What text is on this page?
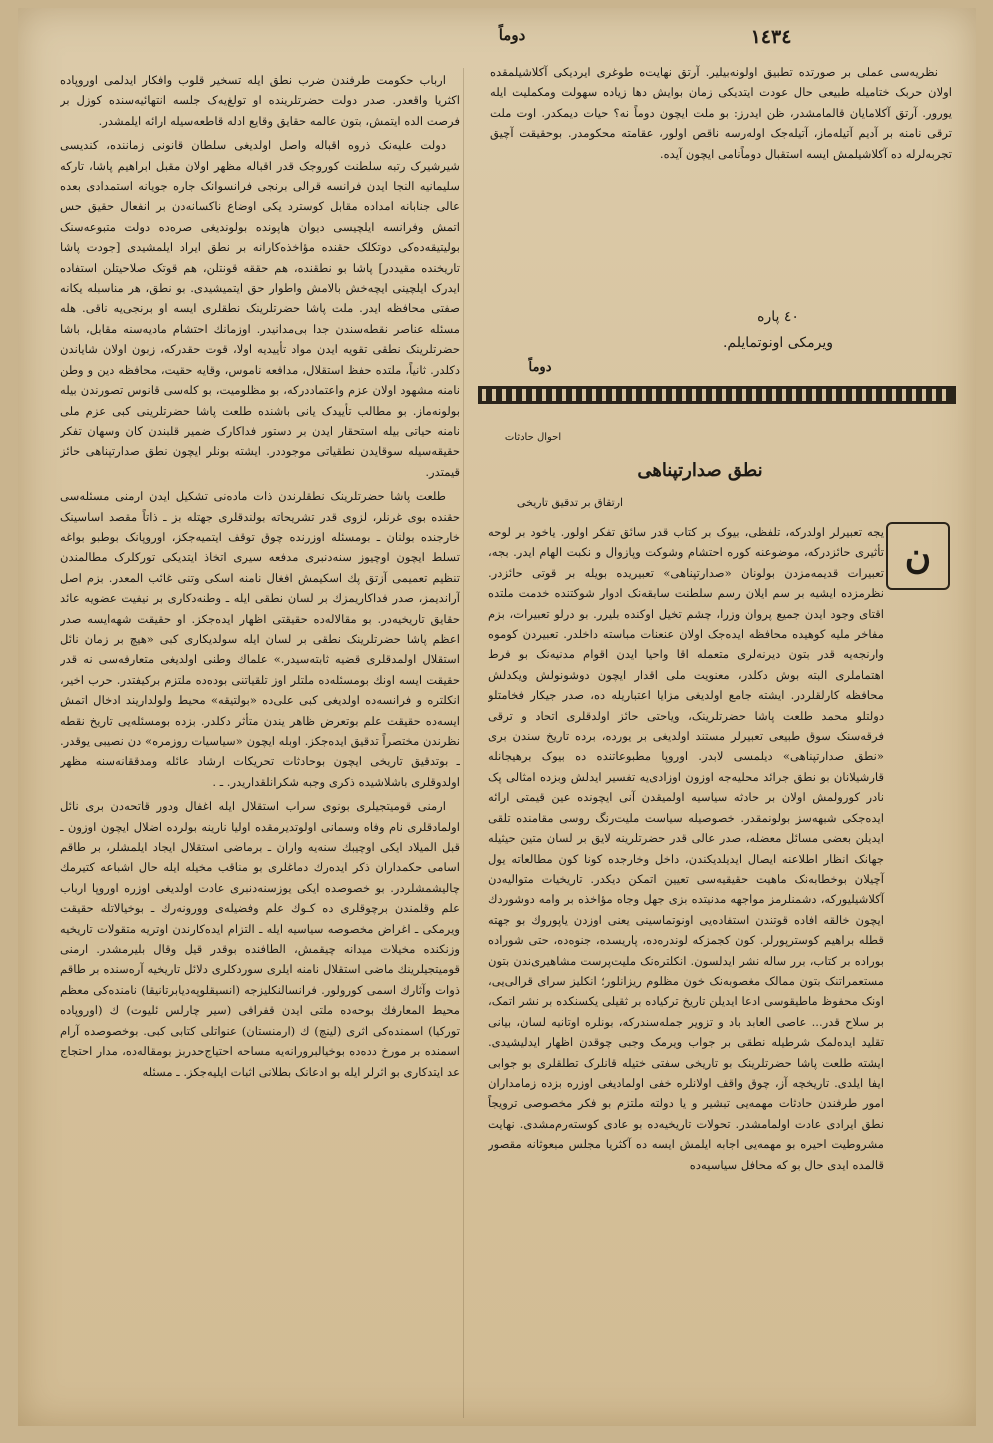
١٤٣٤
دوماً

نظریه‌سی عملی بر صورتده تطبیق اولونه‌بیلیر. آرتق نهایت‌ه طوغری ایردیکی آکلاشیلمقده اولان حربک ختامیله طبیعی حال عودت ایتدیکی زمان بوایش دها زیاده سهولت ومکملیت ایله یورور. آرتق آکلامایان قالمامشدر، ظن ایدرز: بو ملت ایچون دوماً نه؟ حیات دیمکدر. اوت ملت ترقی نامنه بر آدیم آتیله‌ماز، آتیله‌جک اوله‌رسه ناقص اولور، عقامته محکومدر. بوحقیقت آچیق تجربه‌لرله ده آکلاشیلمش ایسه استقبال دوماً‌نامی ایچون آیده.

٤٠ پاره
ویرمکی اونوتمایلم.
دوماً
احوال حادثات
نطق صدارتپناهی
ارتقاق بر تدقیق تاریخی
ن

یجه تعبیرلر اولدرکه، تلفظی، بیوک بر کتاب قدر سائق تفکر اولور. یاخود بر لوحه تأثیری حائزدرکه، موضوعنه کوره احتشام وشوکت وپازوال و نکبت الهام ایدر. بجه، تعبیرات قدیمه‌مزدن بولونان «صدارتپناهی» تعبیریده بویله بر قوتی حائزدر. نظرمزده ایشیه بر سم ایلان رسم سلطنت سابقه‌نک ادوار شوکتنده خدمت ملتده اقتای وجود ایدن جمیع پروان وزرا، چشم تخیل اوکنده بلیرر. بو درلو تعبیرات، بزم مفاخر ملیه کوهیده محافظه ایده‌جک اولان عنعنات مباسته داخلدر. تعبیردن کوموه وارنجه‌یه قدر بتون دیرنه‌لری متعمله اقا واحیا ایدن اقوام مدنیه‌نک بو فرط اهتماملری البته بوش دکلدر، معنویت ملی اقدار ایچون دوشونولش ویکدلش محافظه کارلقلردر. ایشته جامع اولدیغی مزایا اعتباریله ده، صدر جیکار فخامتلو دولتلو محمد طلعت پاشا حضرتلرینک، ویاحتی حائز اولدقلری اتحاد و ترقی فرقه‌سنک سوق طبیعی تعبیرلر مستند اولدیغی بر یورده، برده تاریخ سندن بری «نطق صدارتپناهی» دیلمسی لابدر. اوروپا مطبوعاتنده ده بیوک برهیجانله قارشیلانان بو نطق جرائد محلیه‌جه اوزون اوزادی‌یه تفسیر ایدلش وبزده امثالی پک نادر کورولمش اولان بر حادثه سیاسیه اولمیقدن آنی ایچونده عین قیمتی ارائه ایده‌جکی شبهه‌سز بولونمقدر. خصوصیله سیاست ملیت‌رنگ روسی مقامنده تلقی ایدیلن بعضی مسائل معضله، صدر عالی قدر حضرتلرینه لایق بر لسان متین حیثیله جهانک انظار اطلاعنه ایصال ایدیلدیکندن، داخل وخارجده کونا کون مطالعاته یول آچیلان بوخطابه‌نک ماهیت حقیقیه‌سی تعیین اتمکن دیکدر. تاریخیات متوالیه‌دن آکلاشیلیورکه، دشمنلرمز مواجهه مدنیتده بزی جهل وجاه مؤاخذه بر وامه دوشوردك ایچون خالقه افاده قوتندن استفاده‌یی اونوتماسینی یعنی اوزدن یاپوروك بو جهته قطله براهیم کوسترپورلر. کون کجمزکه لوندره‌ده، پاریسده، جنوه‌ده، حتی شوراده بوراده بر کتاب، برر ساله نشر ایدلسون. انکلتره‌نک ملیت‌پرست مشاهیری‌ندن بتون مستعمراتنک بتون ممالک مغصوبه‌نک خون مظلوم ریزانلور؛ انکلیز سرای قرالی‌یی، اونک محفوظ ماطیقوسی ادعا ایدیلن تاریخ ترکیاده بر ثقیلی یکسنکده بر نشر اتمک، بر سلاح قدر... عاصی العابد باد و تزویر جمله‌سندرکه، بونلره اوتانیه لسان، بیانی تقلید ایده‌لمک شرطیله نطقی بر جواب ویرمک وجبی چوقدن اظهار ایدلیشیدی. ایشته طلعت پاشا حضرتلرینک بو تاریخی سفتی ختیله قانلرک تطلقلری بو جوابی ایفا ایلدی. تاریخچه آز، چوق واقف اولانلره خفی اولمادیغی اوزره بزده زمامداران امور طرفندن حادثات مهمه‌یی تبشیر و یا دولته ملتزم بو فکر مخصوصی ترویجاً نطق ایرادی عادت اولمامشدر. تحولات تاریخیه‌ده بو عادی کوسته‌رم‌مشدی. نهایت مشروطیت احیره بو مهمه‌یی اجابه ایلمش ایسه ده آکثریا مجلس مبعوثانه مقصور قالمده ایدی حال بو که محافل سیاسیه‌ده

ارباب حکومت طرفندن ضرب نطق ایله تسخیر قلوب وافکار ایدلمی اوروپاده اکثریا واقعدر. صدر دولت حضرتلرینده او تولغ‌یه‌ک جلسه انتهائیه‌سنده کوزل بر فرصت الده ایتمش، بتون عالمه حقایق وقایع ادله قاطعه‌سیله ارائه ایلمشدر.

دولت علیه‌نک ذروه اقباله واصل اولدیغی سلطان قانونی زماننده، کندیسی شیرشیرک رتبه سلطنت کوروجک قدر اقباله مظهر اولان مقبل ابراهیم پاشا، تارکه سلیمانیه النجا ایدن فرانسه قرالی برنجی فرانسوانک جاره جویانه استمدادی بعده عالی جنابانه امداده مقابل کوسترد یکی اوضاع ناکسانه‌دن بر انفعال حقیق حس اتمش وفرانسه ایلچیسی دیوان هاپونده بولوندیغی صره‌ده دولت متبوعه‌سنک بولیتیقه‌ده‌کی دوتکلک حقنده مؤاخذه‌کارانه بر نطق ایراد ایلمشیدی [جودت پاشا تاریخنده مقیددر] پاشا بو نطقنده، هم حققه قونتلن، هم قوتک صلاحیتلن استفاده ایدرک ایلچینی ایچه‌خش بالامش واطوار حق ایتمیشیدی. بو نطق، هر مناسبله یکانه صفتی محافظه ایدر. ملت پاشا حضرتلرینک نطقلری ایسه او برنجی‌یه ناقی. هله مسئله عناصر نقطه‌سندن جدا بی‌مدانیدر. اوزمانك احتشام مادیه‌سنه مقابل، باشا حضرتلرینک نطقی تقویه ایدن مواد تأییدیه اولا، قوت حقدرکه، زبون اولان شایاندن دکلدر. ثانیاً، ملتده حفظ استقلال، مدافعه ناموس، وقایه حقیت، محافظه دین و وطن نامنه مشهود اولان عزم واعتماددرکه، بو مظلومیت، بو کله‌سی قانوس تصورندن بیله بولونه‌ماز. بو مطالب تأییدک یانی باشنده طلعت پاشا حضرتلرینی کبی عزم ملی نامنه حیاتی بیله استحقار ایدن بر دستور فداکارک ضمیر قلبندن کان وسهان تفکر حقیقه‌سیله سوقایدن نطقیاتی موجوددر. ایشته بونلر ایچون نطق صدارتپناهی حائز قیمتدر.

طلعت پاشا حضرتلرینک نطقلرندن ذات ماده‌نی تشکیل ایدن ارمنی مسئله‌سی حقنده بوی غرنلر، لزوی قدر تشریحاته بولندقلری جهتله بز ـ ذاتاً مقصد اساسینک خارجنده بولنان ـ بومسئله اوزرنده چوق توقف ایتمیه‌جکز، اوروپانک بوطبو بواغه تسلط ایچون اوچیوز سنه‌دنبری مدفعه سیری اتخاذ ایتدیکی تورکلرک مطالمندن تنظیم تعمیمی آزتق پك اسکیمش افغال نامنه اسکی وتنی غائب المعدر. بزم اصل آراندیمز، صدر فداکاریمزك بر لسان نطقی ایله ـ وطنه‌دکاری بر نیفیت عضویه عائد حقایق تاریخیه‌در. بو مقالاله‌ده حقیقتی اظهار ایده‌جکز. او حقیقت شهه‌ایسه صدر اعظم پاشا حضرتلرینک نطقی بر لسان ایله سولدیکاری کبی «هیچ بر زمان نائل استقلال اولمدقلری قضیه ثابته‌سیدر.» علماك وطنی اولدیغی متعارفه‌سی نه قدر حقیقت ایسه اونك بومسئله‌ده ملتلر اوز تلقیاتنی بوده‌ده ملتزم برکیفتدر. حرب اخیر، انکلتره و فرانسه‌ده اولدیغی کبی علی‌ده «بولتیقه» محیط ولولداریند ادخال اتمش ایسه‌ده حقیقت علم بوتعرض ظاهر یندن متأثر دکلدر. بزده بومسئله‌یی تاریخ نقطه نظرندن مختصراً تدقیق ایده‌جکز. اوبله ایچون «سیاسیات روزمره» دن نصیبی یوقدر. ـ بوتدقیق تاریخی ایچون بوحادثات تحریکات ارشاد عائله ومدققانه‌سنه مظهر اولدوقلری باشلاشیده ذکری وجبه شکرانلقداریدر. ـ .

ارمنی قومیتجیلری بونوی سراب استقلال ایله اغفال ودور قاتحه‌دن بری نائل اولمادقلری نام وفاه وسمانی اولوتدیرمقده اولیا نارینه بولرده اضلال ایچون اوزون ـ قبل المیلاد ایکی اوچیبك سنه‌یه واران ـ برماضی استقلال ایجاد ایلمشلر، بر طاقم اسامی حکمداران ذکر ایده‌رك دماغلری بو مناقب مخیله ایله حال اشباعه کتیرمك چالیشمشلردر. بو خصوصده ایکی یوزسنه‌دنبری عادت اولدیغی اوزره اوروپا ارباب علم وقلمندن برچوقلری ده کـوك علم وفضیله‌ی وورونه‌رك ـ بوخیالاتله حقیقت ویرمکی ـ اغراض مخصوصه سیاسیه ایله ـ التزام ایده‌کارندن اوتریه متقولات تاریخیه وزنکنده مخیلات میدانه چیقمش، الطافنده بوقدر قیل وقال بلیرمشدر. ارمنی قومیتجیلرینك ماضی استقلال نامنه ایلری سوردکلری دلائل تاریخیه آره‌سنده بر طاقم ذوات وآثارك اسمی کورولور. فرانسا‌لنکلیزجه (انسیقلوپه‌دیابرتانیقا) نامنده‌کی معظم محیط المعارفك بوحه‌ده ملتی ایدن قفرافی (سیر چارلس ئلیوت) ك (اوروپاده تورکیا) اسمنده‌کی اثری (لینچ) ك (ارمنستان) عنواتلی کتابی کبی. بوخصوصده آرام اسمنده بر مورخ دده‌ده بوخیالبرورانه‌یه مساحه احتیاج‌حدربز بومقاله‌ده، مدار احتجاج عد ایتدکاری بو اثرلر ایله بو ادعانک بطلانی اثبات ایلیه‌جکز. ـ مسئله
